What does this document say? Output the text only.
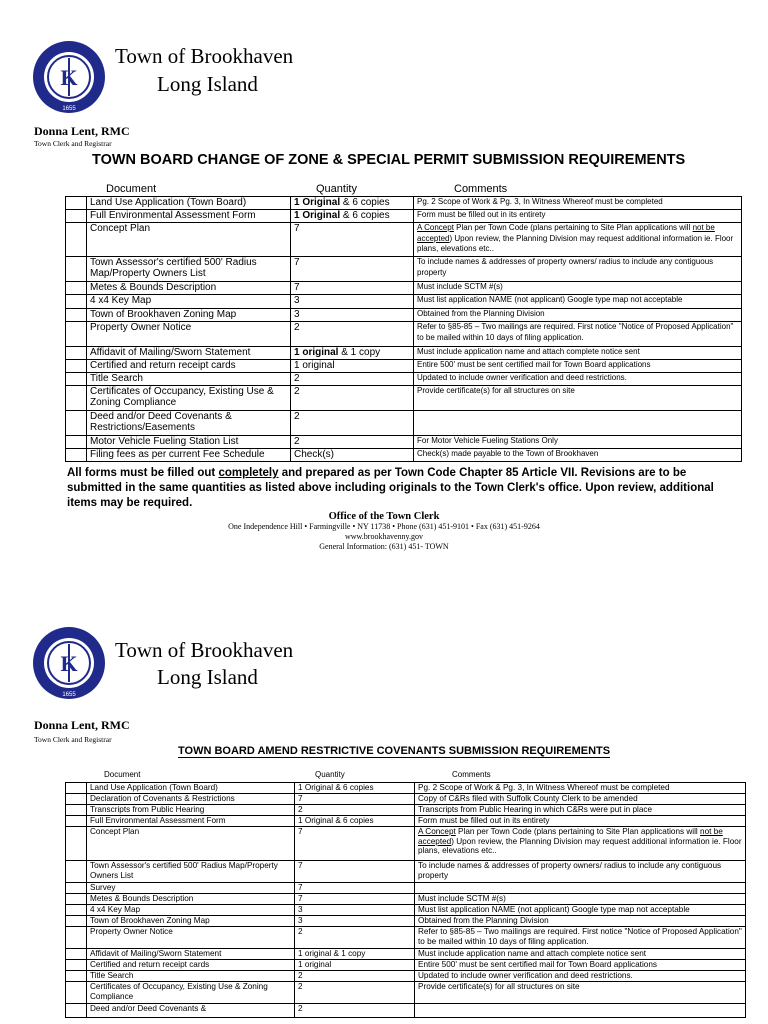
K
1655
Town of Brookhaven
Long Island
Donna Lent, RMC
Town Clerk and Registrar
TOWN BOARD CHANGE OF ZONE & SPECIAL PERMIT SUBMISSION REQUIREMENTS
Document	Quantity	Comments
	Land Use Application (Town Board)	1 Original & 6 copies	Pg. 2 Scope of Work & Pg. 3, In Witness Whereof must be completed
	Full Environmental Assessment Form	1 Original & 6 copies	Form must be filled out in its entirety
	Concept Plan	7	A Concept Plan per Town Code (plans pertaining to Site Plan applications will not be accepted) Upon review, the Planning Division may request additional information ie. Floor plans, elevations etc..
	Town Assessor's certified 500' Radius Map/Property Owners List	7	To include names & addresses of property owners/ radius to include any contiguous property
	Metes & Bounds Description	7	Must include SCTM #(s)
	4 x4 Key Map	3	Must list application NAME (not applicant) Google type map not acceptable
	Town of Brookhaven Zoning Map	3	Obtained from the Planning Division
	Property Owner Notice	2	Refer to §85-85 – Two mailings are required. First notice "Notice of Proposed Application" to be mailed within 10 days of filing application.
	Affidavit of Mailing/Sworn Statement	1 original & 1 copy	Must include application name and attach complete notice sent
	Certified and return receipt cards	1 original	Entire 500' must be sent certified mail for Town Board applications
	Title Search	2	Updated to include owner verification and deed restrictions.
	Certificates of Occupancy, Existing Use & Zoning Compliance	2	Provide certificate(s) for all structures on site
	Deed and/or Deed Covenants & Restrictions/Easements	2	
	Motor Vehicle Fueling Station List	2	For Motor Vehicle Fueling Stations Only
	Filing fees as per current Fee Schedule	Check(s)	Check(s) made payable to the Town of Brookhaven
All forms must be filled out completely and prepared as per Town Code Chapter 85 Article VII. Revisions are to be submitted in the same quantities as listed above including originals to the Town Clerk's office. Upon review, additional items may be required.
Office of the Town Clerk
One Independence Hill • Farmingville • NY 11738 • Phone (631) 451-9101 • Fax (631) 451-9264
www.brookhavenny.gov
General Information: (631) 451- TOWN
K
1655
Town of Brookhaven
Long Island
Donna Lent, RMC
Town Clerk and Registrar
TOWN BOARD AMEND RESTRICTIVE COVENANTS SUBMISSION REQUIREMENTS
Document	Quantity	Comments
	Land Use Application (Town Board)	1 Original & 6 copies	Pg. 2 Scope of Work & Pg. 3, In Witness Whereof must be completed
	Declaration of Covenants & Restrictions	7	Copy of C&Rs filed with Suffolk County Clerk to be amended
	Transcripts from Public Hearing	2	Transcripts from Public Hearing in which C&Rs were put in place
	Full Environmental Assessment Form	1 Original & 6 copies	Form must be filled out in its entirety
	Concept Plan	7	A Concept Plan per Town Code (plans pertaining to Site Plan applications will not be accepted) Upon review, the Planning Division may request additional information ie. Floor plans, elevations etc..
	Town Assessor's certified 500' Radius Map/Property Owners List	7	To include names & addresses of property owners/ radius to include any contiguous property
	Survey	7	
	Metes & Bounds Description	7	Must include SCTM #(s)
	4 x4 Key Map	3	Must list application NAME (not applicant) Google type map not acceptable
	Town of Brookhaven Zoning Map	3	Obtained from the Planning Division
	Property Owner Notice	2	Refer to §85-85 – Two mailings are required. First notice "Notice of Proposed Application" to be mailed within 10 days of filing application.
	Affidavit of Mailing/Sworn Statement	1 original & 1 copy	Must include application name and attach complete notice sent
	Certified and return receipt cards	1 original	Entire 500' must be sent certified mail for Town Board applications
	Title Search	2	Updated to include owner verification and deed restrictions.
	Certificates of Occupancy, Existing Use & Zoning Compliance	2	Provide certificate(s) for all structures on site
	Deed and/or Deed Covenants &	2	
